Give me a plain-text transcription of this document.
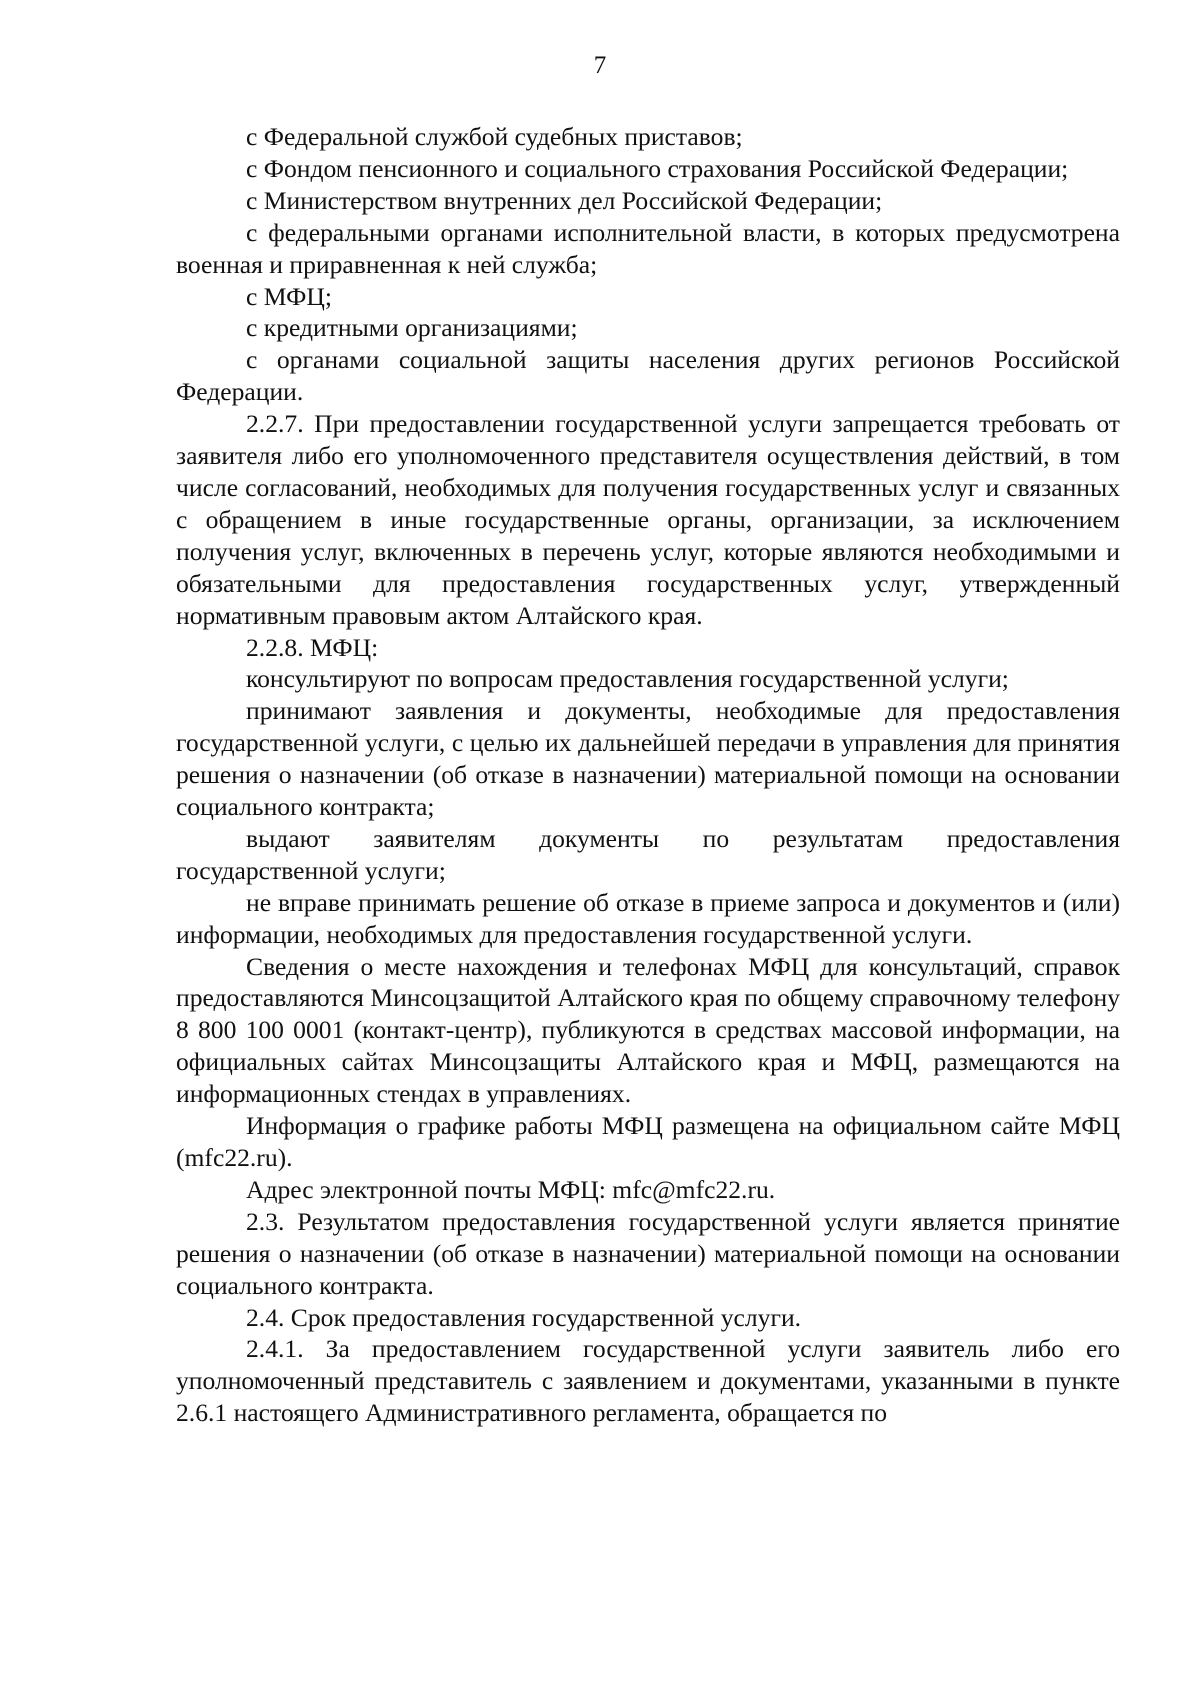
7

с Федеральной службой судебных приставов;

с Фондом пенсионного и социального страхования Российской Федерации;

с Министерством внутренних дел Российской Федерации;

с федеральными органами исполнительной власти, в которых предусмотрена военная и приравненная к ней служба;

с МФЦ;

с кредитными организациями;

с органами социальной защиты населения других регионов Российской Федерации.

2.2.7. При предоставлении государственной услуги запрещается требовать от заявителя либо его уполномоченного представителя осуществления действий, в том числе согласований, необходимых для получения государственных услуг и связанных с обращением в иные государственные органы, организации, за исключением получения услуг, включенных в перечень услуг, которые являются необходимыми и обязательными для предоставления государственных услуг, утвержденный нормативным правовым актом Алтайского края.

2.2.8. МФЦ:

консультируют по вопросам предоставления государственной услуги;

принимают заявления и документы, необходимые для предоставления государственной услуги, с целью их дальнейшей передачи в управления для принятия решения о назначении (об отказе в назначении) материальной помощи на основании социального контракта;

выдают заявителям документы по результатам предоставления государственной услуги;

не вправе принимать решение об отказе в приеме запроса и документов и (или) информации, необходимых для предоставления государственной услуги.

Сведения о месте нахождения и телефонах МФЦ для консультаций, справок предоставляются Минсоцзащитой Алтайского края по общему справочному телефону 8 800 100 0001 (контакт-центр), публикуются в средствах массовой информации, на официальных сайтах Минсоцзащиты Алтайского края и МФЦ, размещаются на информационных стендах в управлениях.

Информация о графике работы МФЦ размещена на официальном сайте МФЦ (mfc22.ru).

Адрес электронной почты МФЦ: mfc@mfc22.ru.

2.3. Результатом предоставления государственной услуги является принятие решения о назначении (об отказе в назначении) материальной помощи на основании социального контракта.

2.4. Срок предоставления государственной услуги.

2.4.1. За предоставлением государственной услуги заявитель либо его уполномоченный представитель с заявлением и документами, указанными в пункте 2.6.1 настоящего Административного регламента, обращается по
